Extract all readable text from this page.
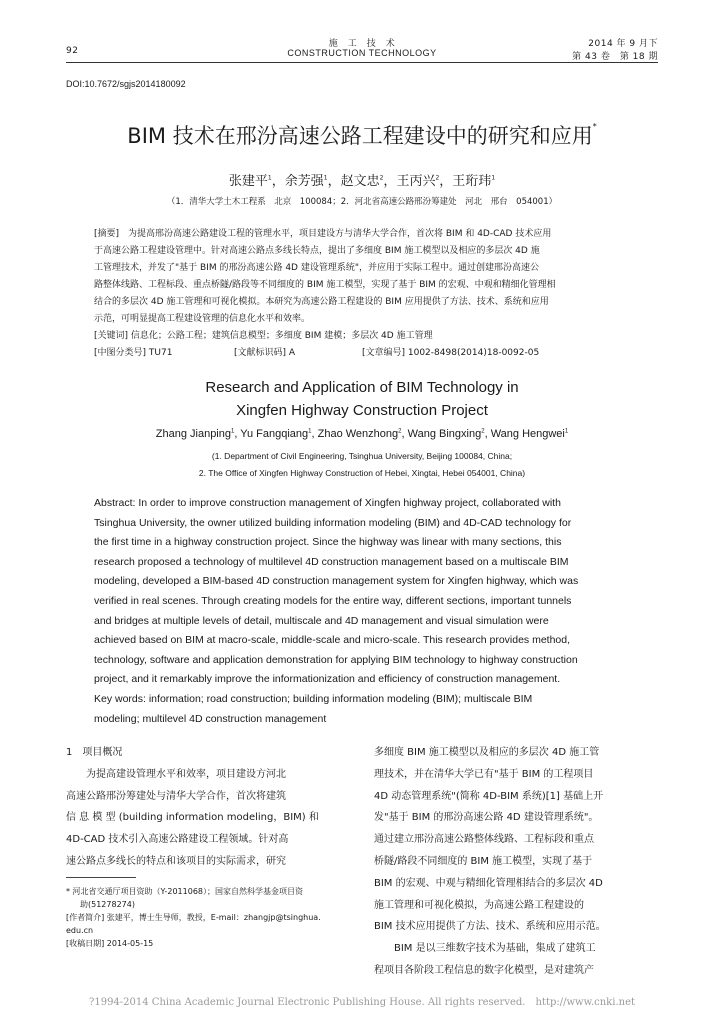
92
施　工　技　术
CONSTRUCTION TECHNOLOGY
2014 年 9 月下
第 43 卷　第 18 期
DOI:10.7672/sgjs2014180092
BIM 技术在邢汾高速公路工程建设中的研究和应用*
张建平$^1$，余芳强$^1$，赵文忠$^2$，王丙兴$^2$，王珩玮$^1$
（1．清华大学土木工程系　北京　100084；2．河北省高速公路邢汾筹建处　河北　邢台　054001）

[摘要]　为提高邢汾高速公路建设工程的管理水平，项目建设方与清华大学合作，首次将 BIM 和 4D-CAD 技术应用

于高速公路工程建设管理中。针对高速公路点多线长特点，提出了多细度 BIM 施工模型以及相应的多层次 4D 施

工管理技术，并发了"基于 BIM 的邢汾高速公路 4D 建设管理系统"，并应用于实际工程中。通过创建邢汾高速公

路整体线路、工程标段、重点桥隧/路段等不同细度的 BIM 施工模型，实现了基于 BIM 的宏观、中观和精细化管理相

结合的多层次 4D 施工管理和可视化模拟。本研究为高速公路工程建设的 BIM 应用提供了方法、技术、系统和应用

示范，可明显提高工程建设管理的信息化水平和效率。

[关键词] 信息化；公路工程；建筑信息模型；多细度 BIM 建模；多层次 4D 施工管理

[中图分类号] TU71	[文献标识码] A	[文章编号] 1002-8498(2014)18-0092-05

Research and Application of BIM Technology in

Xingfen Highway Construction Project

Zhang Jianping$^1$, Yu Fangqiang$^1$, Zhao Wenzhong$^2$, Wang Bingxing$^2$, Wang Hengwei$^1$

(1. Department of Civil Engineering, Tsinghua University, Beijing 100084, China;

2. The Office of Xingfen Highway Construction of Hebei, Xingtai, Hebei 054001, China)

Abstract: In order to improve construction management of Xingfen highway project, collaborated with

Tsinghua University, the owner utilized building information modeling (BIM) and 4D-CAD technology for

the first time in a highway construction project. Since the highway was linear with many sections, this

research proposed a technology of multilevel 4D construction management based on a multiscale BIM

modeling, developed a BIM-based 4D construction management system for Xingfen highway, which was

verified in real scenes. Through creating models for the entire way, different sections, important tunnels

and bridges at multiple levels of detail, multiscale and 4D management and visual simulation were

achieved based on BIM at macro-scale, middle-scale and micro-scale. This research provides method,

technology, software and application demonstration for applying BIM technology to highway construction

project, and it remarkably improve the informationization and efficiency of construction management.

Key words: information; road construction; building information modeling (BIM); multiscale BIM

modeling; multilevel 4D construction management

1　项目概况

　　为提高建设管理水平和效率，项目建设方河北

高速公路邢汾筹建处与清华大学合作，首次将建筑

信 息 模 型 (building information modeling，BIM) 和

4D-CAD 技术引入高速公路建设工程领域。针对高

速公路点多线长的特点和该项目的实际需求，研究

* 河北省交通厅项目资助（Y-2011068）；国家自然科学基金项目资

助(51278274)

[作者简介] 张建平，博士生导师，教授，E-mail：zhangjp@tsinghua.

edu.cn

[收稿日期] 2014-05-15

多细度 BIM 施工模型以及相应的多层次 4D 施工管

理技术，并在清华大学已有"基于 BIM 的工程项目

4D 动态管理系统"(简称 4D-BIM 系统)[1] 基础上开

发"基于 BIM 的邢汾高速公路 4D 建设管理系统"。

通过建立邢汾高速公路整体线路、工程标段和重点

桥隧/路段不同细度的 BIM 施工模型，实现了基于

BIM 的宏观、中观与精细化管理相结合的多层次 4D

施工管理和可视化模拟，为高速公路工程建设的

BIM 技术应用提供了方法、技术、系统和应用示范。

　　BIM 是以三维数字技术为基础，集成了建筑工

程项目各阶段工程信息的数字化模型，是对建筑产

?1994-2014 China Academic Journal Electronic Publishing House. All rights reserved.　http://www.cnki.net
